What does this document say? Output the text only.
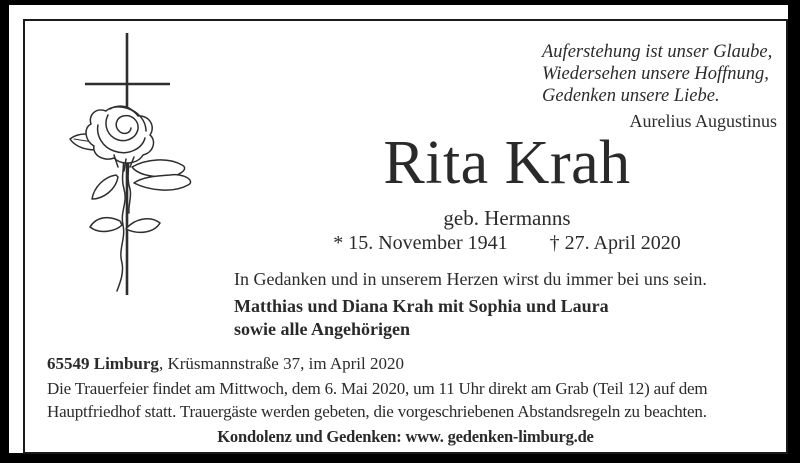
Auferstehung ist unser Glaube,
Wiedersehen unsere Hoffnung,
Gedenken unsere Liebe.
Aurelius Augustinus
Rita Krah
geb. Hermanns
* 15. November 1941 † 27. April 2020
In Gedanken und in unserem Herzen wirst du immer bei uns sein.
Matthias und Diana Krah mit Sophia und Laura
sowie alle Angehörigen
65549 Limburg, Krüsmannstraße 37, im April 2020
Die Trauerfeier findet am Mittwoch, dem 6. Mai 2020, um 11 Uhr direkt am Grab (Teil 12) auf dem
Hauptfriedhof statt. Trauergäste werden gebeten, die vorgeschriebenen Abstandsregeln zu beachten.
Kondolenz und Gedenken: www. gedenken-limburg.de
